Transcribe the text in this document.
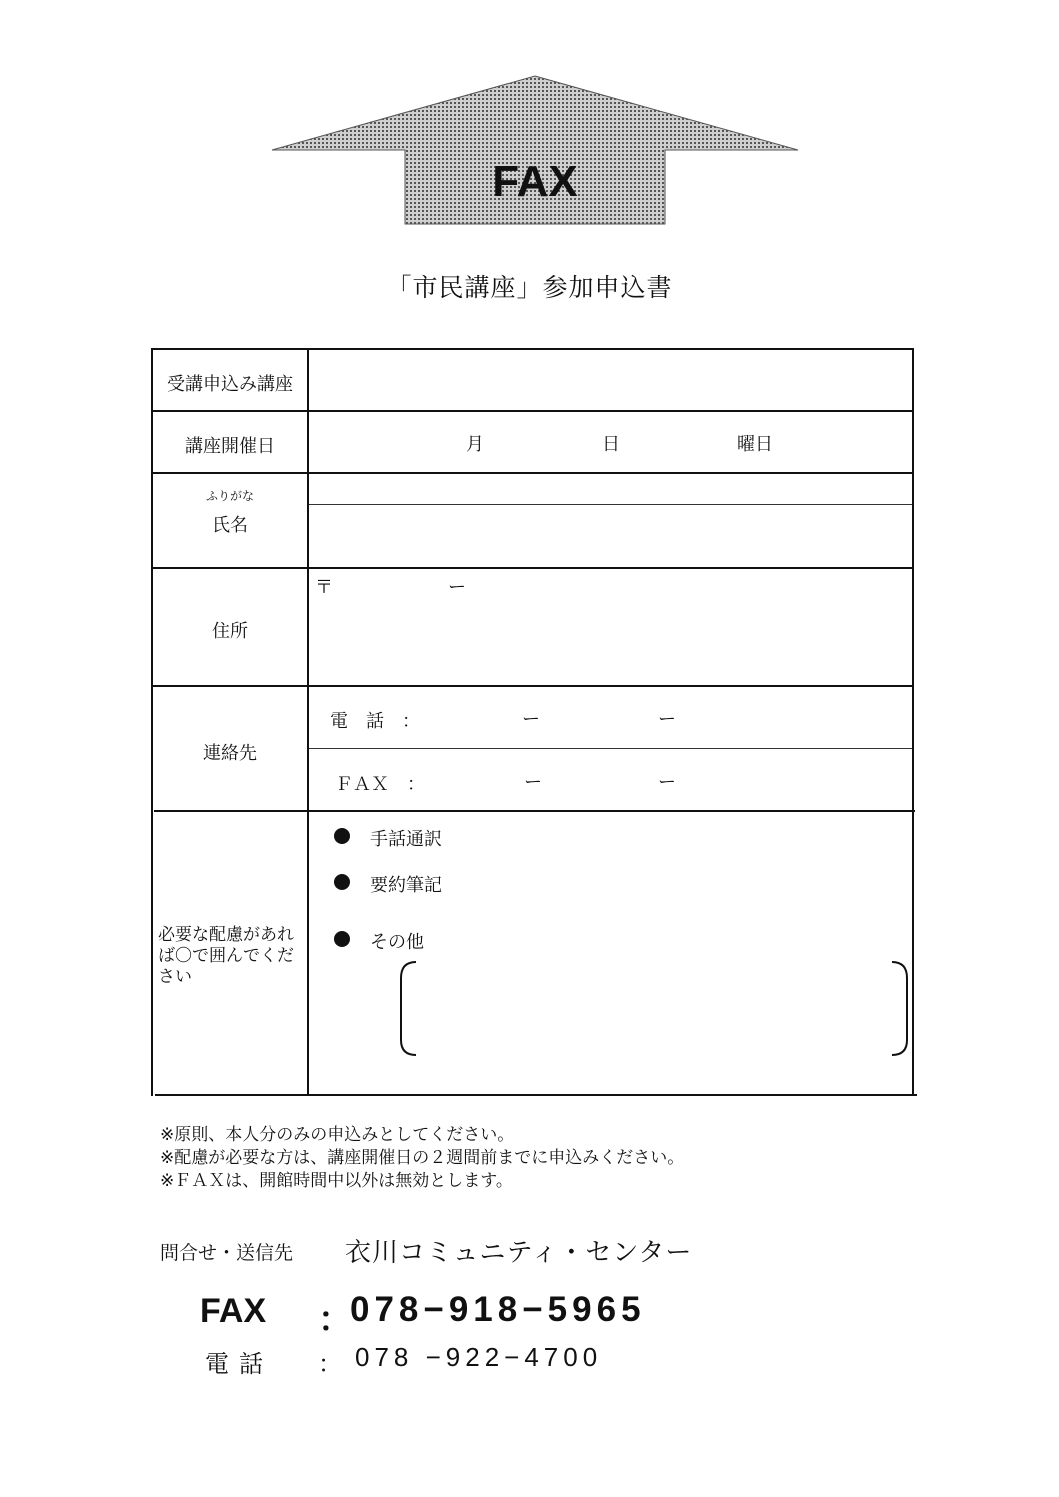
FAX
「市民講座」参加申込書
受講申込み講座
講座開催日	月	日	曜日
ふりがな
氏名
住所
〒	ー
連絡先
電　話　：	ー	ー
ＦＡＸ　：	ー	ー
必要な配慮があれば〇で囲んでください
手話通訳
要約筆記
その他
※原則、本人分のみの申込みとしてください。
※配慮が必要な方は、講座開催日の２週間前までに申込みください。
※ＦＡＸは、開館時間中以外は無効とします。
問合せ・送信先 衣川コミュニティ・センター
FAX ：
078−918−5965
電話 ： 078 −922−4700
